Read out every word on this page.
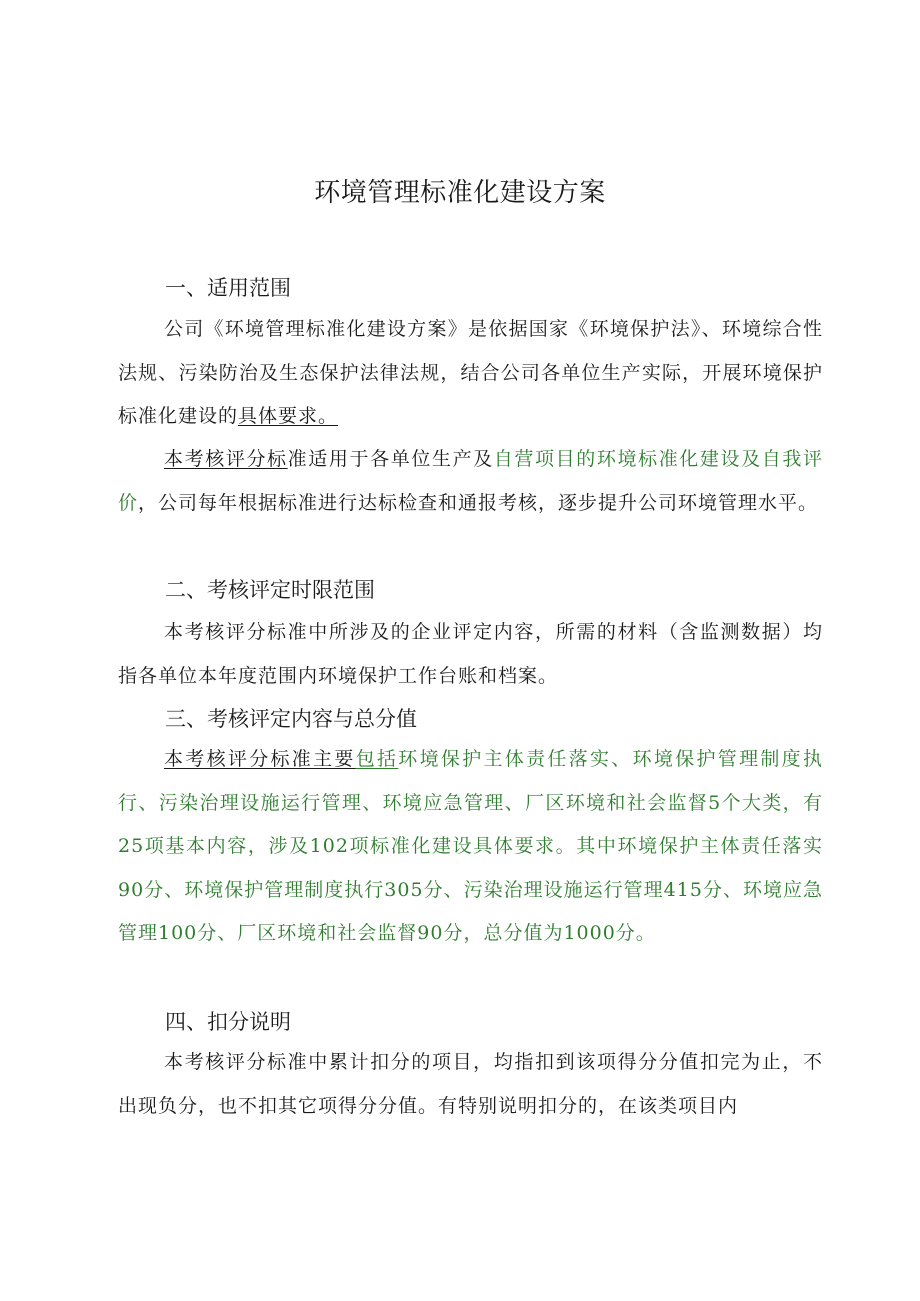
环境管理标准化建设方案
一、适用范围

公司《环境管理标准化建设方案》是依据国家《环境保护法》、环境综合性法规、污染防治及生态保护法律法规，结合公司各单位生产实际，开展环境保护标准化建设的具体要求。

本考核评分标准适用于各单位生产及自营项目的环境标准化建设及自我评价，公司每年根据标准进行达标检查和通报考核，逐步提升公司环境管理水平。

二、考核评定时限范围

本考核评分标准中所涉及的企业评定内容，所需的材料（含监测数据）均指各单位本年度范围内环境保护工作台账和档案。

三、考核评定内容与总分值

本考核评分标准主要包括环境保护主体责任落实、环境保护管理制度执行、污染治理设施运行管理、环境应急管理、厂区环境和社会监督5个大类，有25项基本内容，涉及102项标准化建设具体要求。其中环境保护主体责任落实90分、环境保护管理制度执行305分、污染治理设施运行管理415分、环境应急管理100分、厂区环境和社会监督90分，总分值为1000分。

四、扣分说明

本考核评分标准中累计扣分的项目，均指扣到该项得分分值扣完为止，不出现负分，也不扣其它项得分分值。有特别说明扣分的，在该类项目内
